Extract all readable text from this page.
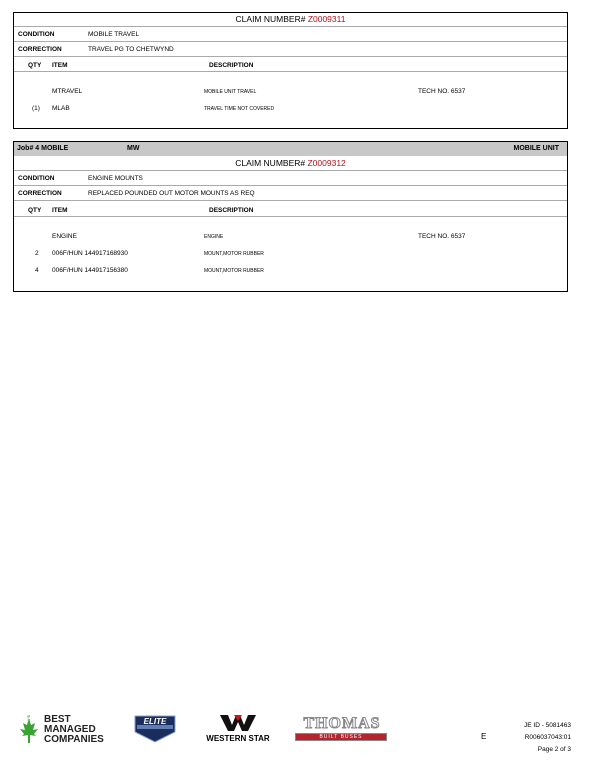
CLAIM NUMBER# Z0009311
CONDITION	MOBILE TRAVEL
CORRECTION	TRAVEL PG TO CHETWYND
QTY ITEM	DESCRIPTION
MTRAVEL	MOBILE UNIT TRAVEL	TECH NO. 6537
(1) MLAB	TRAVEL TIME NOT COVERED
Job# 4 MOBILE	MW	MOBILE UNIT
CLAIM NUMBER# Z0009312
CONDITION	ENGINE MOUNTS
CORRECTION	REPLACED POUNDED OUT MOTOR MOUNTS AS REQ
QTY ITEM	DESCRIPTION
ENGINE	ENGINE	TECH NO. 6537
2 006F/HUN 144917168930	MOUNT,MOTOR RUBBER
4 006F/HUN 144917156380	MOUNT,MOTOR RUBBER
CANADA'S BEST
MANAGED
COMPANIES
ELITE
WESTERN STAR
THOMAS
BUILT BUSES	E
JE ID - 5081463
R006037043:01
Page 2 of 3
